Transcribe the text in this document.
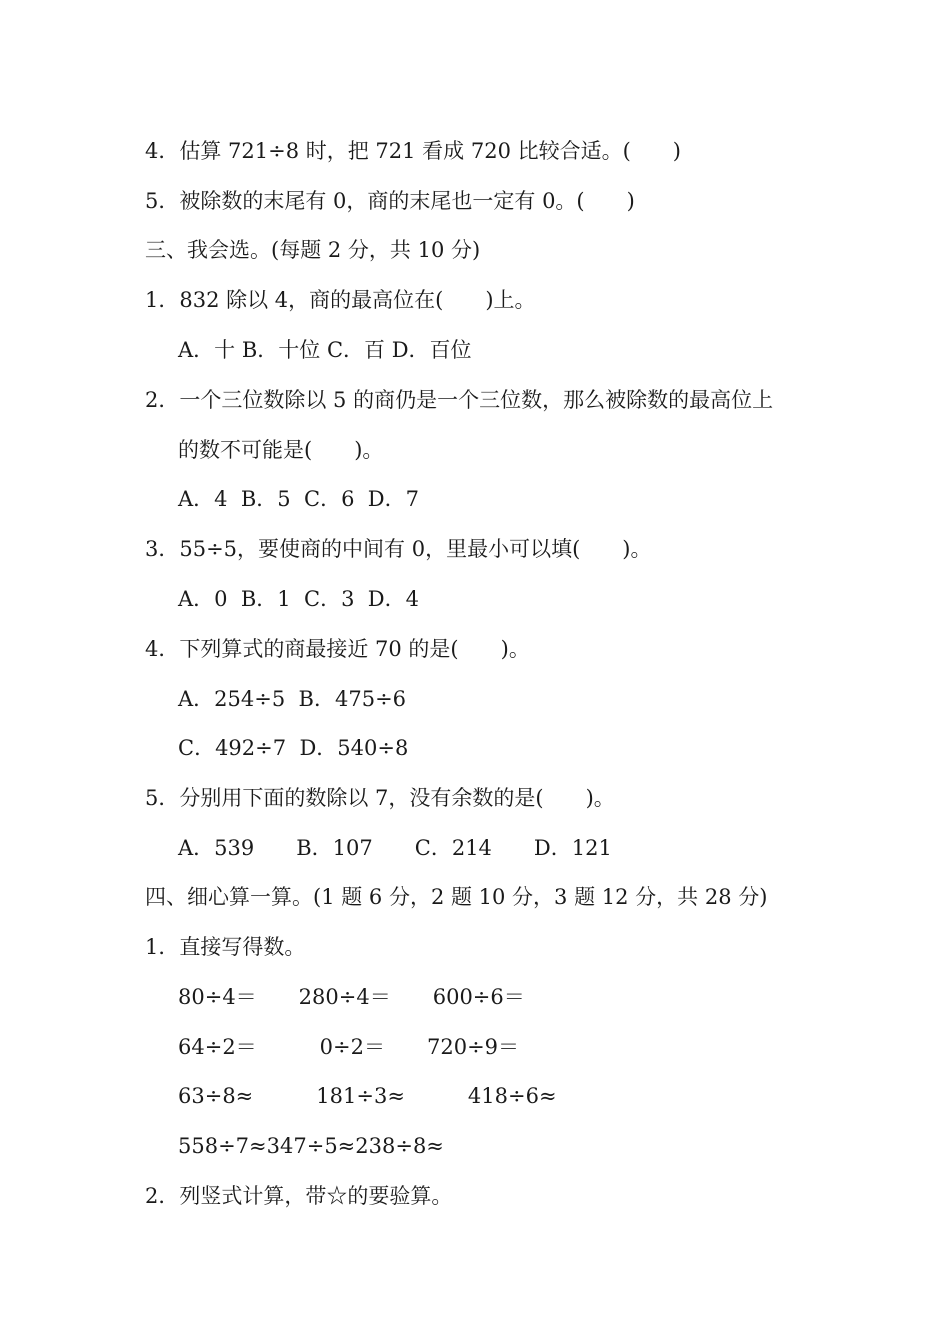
4．估算 721÷8 时，把 721 看成 720 比较合适。(　　)
5．被除数的末尾有 0，商的末尾也一定有 0。(　　)
三、我会选。(每题 2 分，共 10 分)
1．832 除以 4，商的最高位在(　　)上。
A．十 B．十位 C．百 D．百位
2．一个三位数除以 5 的商仍是一个三位数，那么被除数的最高位上
的数不可能是(　　)。
A．4  B．5  C．6  D．7
3．55÷5，要使商的中间有 0，里最小可以填(　　)。
A．0  B．1  C．3  D．4
4．下列算式的商最接近 70 的是(　　)。
A．254÷5  B．475÷6
C．492÷7  D．540÷8
5．分别用下面的数除以 7，没有余数的是(　　)。
A．539　　B．107　　C．214　　D．121
四、细心算一算。(1 题 6 分，2 题 10 分，3 题 12 分，共 28 分)
1．直接写得数。
80÷4＝　　280÷4＝　　600÷6＝
64÷2＝　　　0÷2＝　　720÷9＝
63÷8≈　　　181÷3≈　　　418÷6≈
558÷7≈347÷5≈238÷8≈
2．列竖式计算，带☆的要验算。
